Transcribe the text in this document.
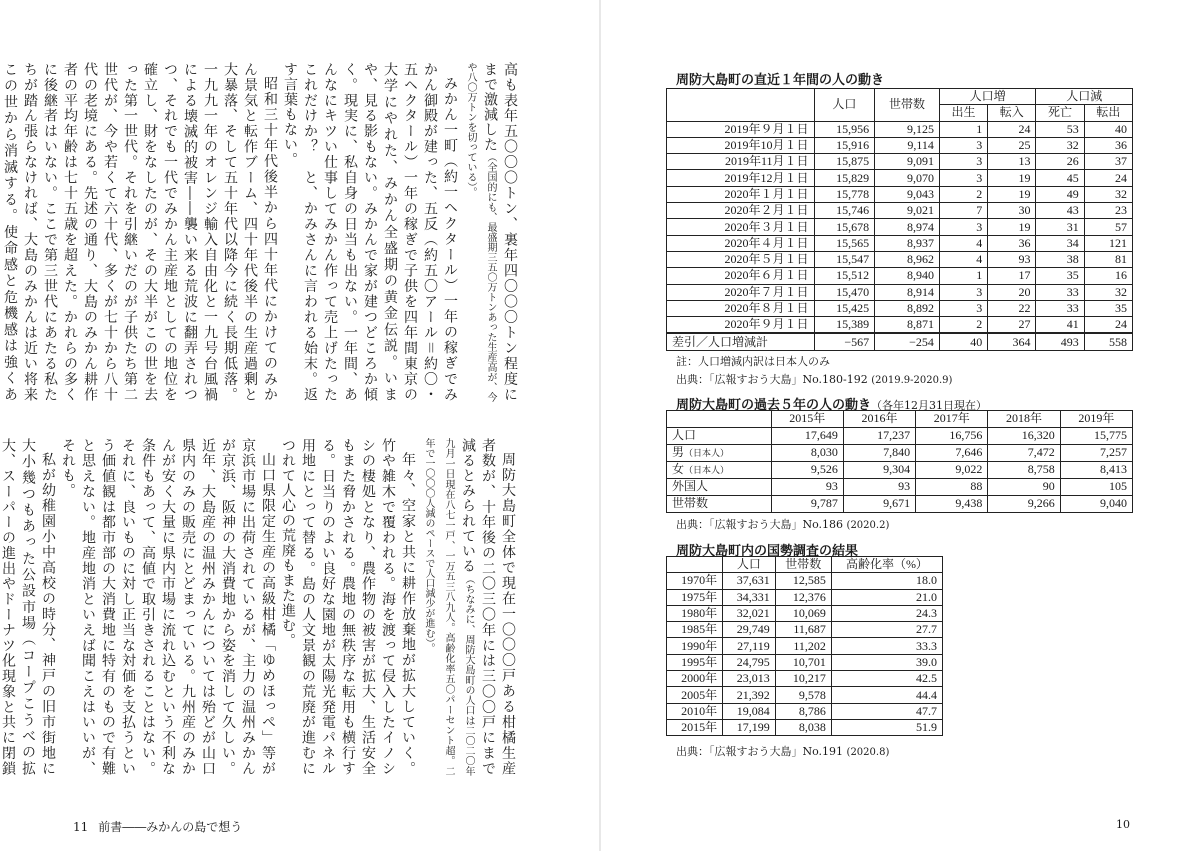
高も表年五〇〇〇トン、裏年四〇〇〇トン程度にまで激減した（全国的にも、最盛期三五〇万トンあった生産高が、今や八〇万トンを切っている）。

みかん一町（約一ヘクタール）一年の稼ぎでみかん御殿が建った、五反（約五〇アール＝約〇・五ヘクタール）一年の稼ぎで子供を四年間東京の大学にやれた、みかん全盛期の黄金伝説。いまや、見る影もない。みかんで家が建つどころか傾く。現実に、私自身の日当も出ない。一年間、あんなにキツい仕事してみかん作って売上げたったこれだけか？　と、かみさんに言われる始末。返す言葉もない。

昭和三十年代後半から四十年代にかけてのみかん景気と転作ブーム、四十年代後半の生産過剰と大暴落、そして五十年代以降今に続く長期低落。一九九一年のオレンジ輸入自由化と一九号台風禍による壊滅的被害――襲い来る荒波に翻弄されつつ、それでも一代でみかん主産地としての地位を確立し、財をなしたのが、その大半がこの世を去った第一世代。それを引継いだのが子供たち第二世代が、今や若くて六十代、多くが七十から八十代の老境にある。先述の通り、大島のみかん耕作者の平均年齢は七十五歳を超えた。かれらの多くに後継者はいない。ここで第三世代にあたる私たちが踏ん張らなければ、大島のみかんは近い将来この世から消滅する。使命感と危機感は強くあ

周防大島町全体で現在一〇〇〇戸ある柑橘生産者数が、十年後の二〇三〇年には三〇〇戸にまで減るとみられている（ちなみに、周防大島町の人口は二〇二〇年九月一日現在八七一戸、一万五三八九人。高齢化率五〇パーセント超。二年で一〇〇〇人減のペースで人口減少が進む）。

年々、空家と共に耕作放棄地が拡大していく。竹や雑木で覆われる。海を渡って侵入したイノシシの棲処となり、農作物の被害が拡大、生活安全もまた脅かされる。農地の無秩序な転用も横行する。日当りのよい良好な園地が太陽光発電パネル用地にとって替る。島の人文景観の荒廃が進むにつれて人心の荒廃もまた進む。

山口県限定生産の高級柑橘「ゆめほっぺ」等が京浜市場に出荷されているが、主力の温州みかんが京浜、阪神の大消費地から姿を消して久しい。近年、大島産の温州みかんについては殆どが山口県内のみの販売にとどまっている。九州産のみかんが安く大量に県内市場に流れ込むという不利な条件もあって、高値で取引きされることはない。それに、良いものに対し正当な対価を支払うという価値観は都市部の大消費地に特有のもので有難と思えない。地産地消といえば聞こえはいいが、それも。

私が幼稚園小中高校の時分、神戸の旧市街地に大小幾つもあった公設市場（コープこうべの拡大、スーパーの進出やドーナツ化現象と共に閉鎖

11 前書――みかんの島で想う
周防大島町の直近１年間の人の動き
	人口	世帯数	人口増		人口減	
			出生	転入	死亡	転出
2019年９月１日	15,956	9,125	1	24	53	40
2019年10月１日	15,916	9,114	3	25	32	36
2019年11月１日	15,875	9,091	3	13	26	37
2019年12月１日	15,829	9,070	3	19	45	24
2020年１月１日	15,778	9,043	2	19	49	32
2020年２月１日	15,746	9,021	7	30	43	23
2020年３月１日	15,678	8,974	3	19	31	57
2020年４月１日	15,565	8,937	4	36	34	121
2020年５月１日	15,547	8,962	4	93	38	81
2020年６月１日	15,512	8,940	1	17	35	16
2020年７月１日	15,470	8,914	3	20	33	32
2020年８月１日	15,425	8,892	3	22	33	35
2020年９月１日	15,389	8,871	2	27	41	24
差引／人口増減計	−567	−254	40	364	493	558
註：人口増減内訳は日本人のみ
出典：「広報すおう大島」No.180-192 (2019.9-2020.9)
周防大島町の過去５年の人の動き（各年12月31日現在）
	2015年	2016年	2017年	2018年	2019年
人口	17,649	17,237	16,756	16,320	15,775
男（日本人）	8,030	7,840	7,646	7,472	7,257
女（日本人）	9,526	9,304	9,022	8,758	8,413
外国人	93	93	88	90	105
世帯数	9,787	9,671	9,438	9,266	9,040
出典：「広報すおう大島」No.186 (2020.2)
周防大島町内の国勢調査の結果
	人口	世帯数	高齢化率（%）
1970年	37,631	12,585	18.0
1975年	34,331	12,376	21.0
1980年	32,021	10,069	24.3
1985年	29,749	11,687	27.7
1990年	27,119	11,202	33.3
1995年	24,795	10,701	39.0
2000年	23,013	10,217	42.5
2005年	21,392	9,578	44.4
2010年	19,084	8,786	47.7
2015年	17,199	8,038	51.9
出典：「広報すおう大島」No.191 (2020.8)
10
